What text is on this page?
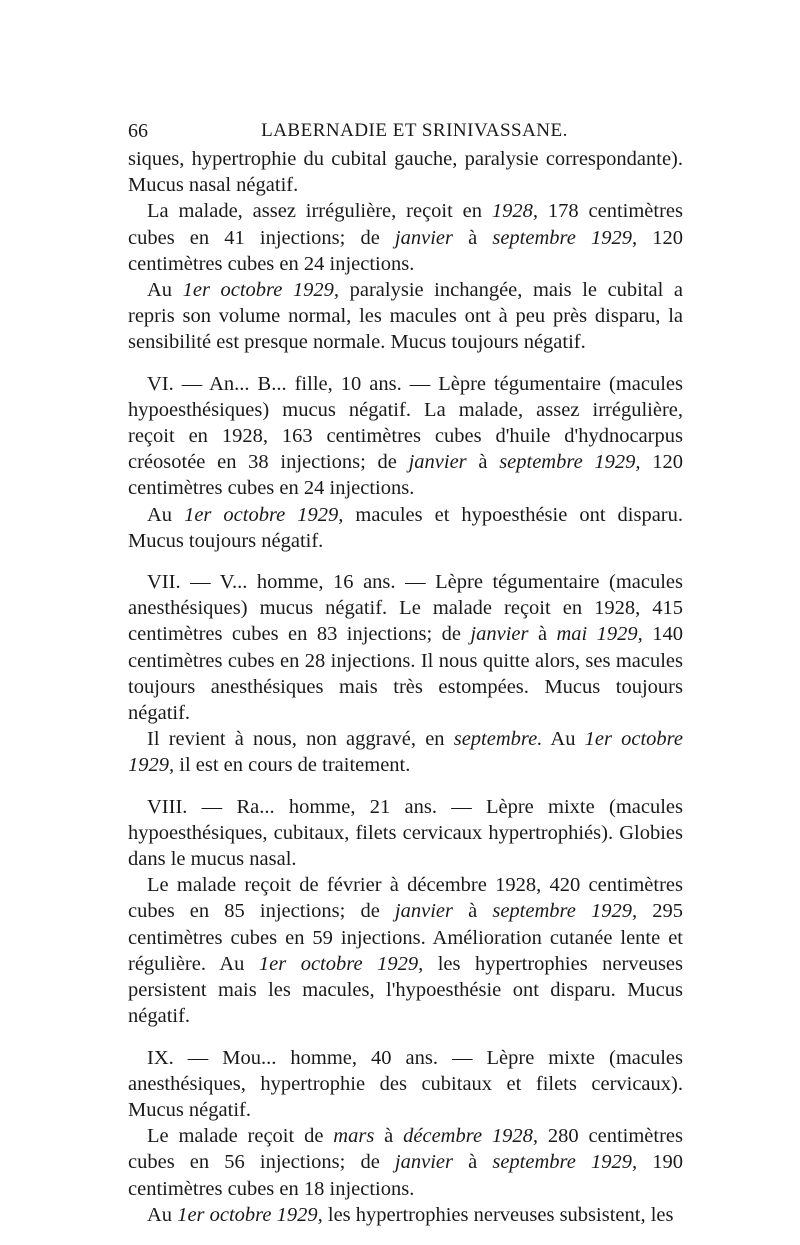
66	LABERNADIE ET SRINIVASSANE.

siques, hypertrophie du cubital gauche, paralysie correspondante). Mucus nasal négatif.

La malade, assez irrégulière, reçoit en 1928, 178 centimètres cubes en 41 injections; de janvier à septembre 1929, 120 centimètres cubes en 24 injections.

Au 1er octobre 1929, paralysie inchangée, mais le cubital a repris son volume normal, les macules ont à peu près disparu, la sensibilité est presque normale. Mucus toujours négatif.

VI. — An... B... fille, 10 ans. — Lèpre tégumentaire (macules hypoesthésiques) mucus négatif. La malade, assez irrégulière, reçoit en 1928, 163 centimètres cubes d'huile d'hydnocarpus créosotée en 38 injections; de janvier à septembre 1929, 120 centimètres cubes en 24 injections.

Au 1er octobre 1929, macules et hypoesthésie ont disparu. Mucus toujours négatif.

VII. — V... homme, 16 ans. — Lèpre tégumentaire (macules anesthésiques) mucus négatif. Le malade reçoit en 1928, 415 centimètres cubes en 83 injections; de janvier à mai 1929, 140 centimètres cubes en 28 injections. Il nous quitte alors, ses macules toujours anesthésiques mais très estompées. Mucus toujours négatif.

Il revient à nous, non aggravé, en septembre. Au 1er octobre 1929, il est en cours de traitement.

VIII. — Ra... homme, 21 ans. — Lèpre mixte (macules hypoesthésiques, cubitaux, filets cervicaux hypertrophiés). Globies dans le mucus nasal.

Le malade reçoit de février à décembre 1928, 420 centimètres cubes en 85 injections; de janvier à septembre 1929, 295 centimètres cubes en 59 injections. Amélioration cutanée lente et régulière. Au 1er octobre 1929, les hypertrophies nerveuses persistent mais les macules, l'hypoesthésie ont disparu. Mucus négatif.

IX. — Mou... homme, 40 ans. — Lèpre mixte (macules anesthésiques, hypertrophie des cubitaux et filets cervicaux). Mucus négatif.

Le malade reçoit de mars à décembre 1928, 280 centimètres cubes en 56 injections; de janvier à septembre 1929, 190 centimètres cubes en 18 injections.

Au 1er octobre 1929, les hypertrophies nerveuses subsistent, les
